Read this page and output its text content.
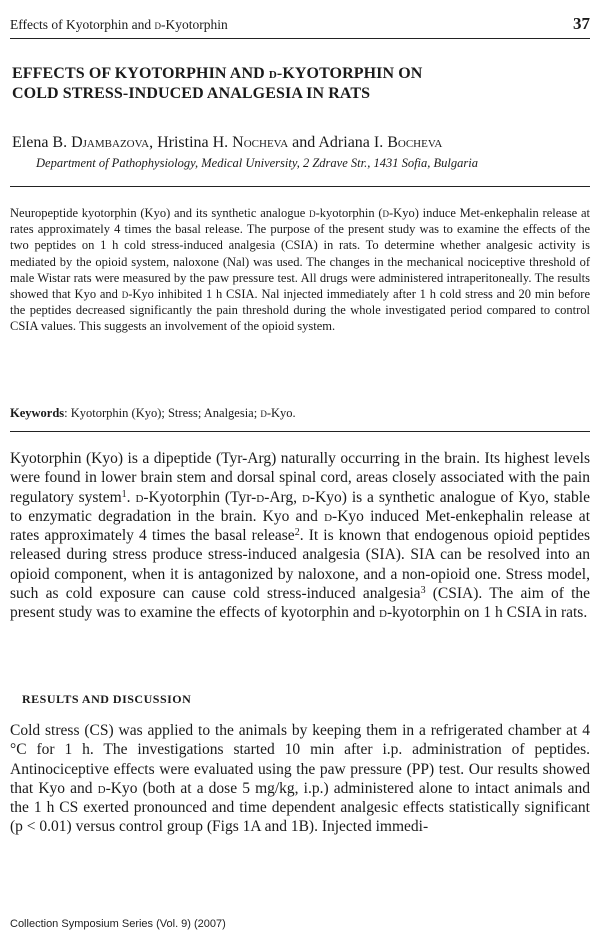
Effects of Kyotorphin and d-Kyotorphin	37
EFFECTS OF KYOTORPHIN AND d-KYOTORPHIN ON
COLD STRESS-INDUCED ANALGESIA IN RATS
Elena B. Djambazova, Hristina H. Nocheva and Adriana I. Bocheva
Department of Pathophysiology, Medical University, 2 Zdrave Str., 1431 Sofia, Bulgaria
Neuropeptide kyotorphin (Kyo) and its synthetic analogue d-kyotorphin (d-Kyo) induce Met-enkephalin release at rates approximately 4 times the basal release. The purpose of the present study was to examine the effects of the two peptides on 1 h cold stress-induced analgesia (CSIA) in rats. To determine whether analgesic activity is mediated by the opioid system, naloxone (Nal) was used. The changes in the mechanical nociceptive threshold of male Wistar rats were measured by the paw pressure test. All drugs were administered intraperitoneally. The results showed that Kyo and d-Kyo inhibited 1 h CSIA. Nal injected immediately after 1 h cold stress and 20 min before the peptides decreased significantly the pain threshold during the whole investigated period compared to control CSIA values. This suggests an involvement of the opioid system.
Keywords: Kyotorphin (Kyo); Stress; Analgesia; d-Kyo.
Kyotorphin (Kyo) is a dipeptide (Tyr-Arg) naturally occurring in the brain. Its highest levels were found in lower brain stem and dorsal spinal cord, areas closely associated with the pain regulatory system$^1$. d-Kyotorphin (Tyr-d-Arg, d-Kyo) is a synthetic analogue of Kyo, stable to enzymatic degradation in the brain. Kyo and d-Kyo induced Met-enkephalin release at rates approximately 4 times the basal release$^2$. It is known that endogenous opioid peptides released during stress produce stress-induced analgesia (SIA). SIA can be resolved into an opioid component, when it is antagonized by naloxone, and a non-opioid one. Stress model, such as cold exposure can cause cold stress-induced analgesia$^3$ (CSIA). The aim of the present study was to examine the effects of kyotorphin and d-kyotorphin on 1 h CSIA in rats.
RESULTS AND DISCUSSION
Cold stress (CS) was applied to the animals by keeping them in a refrigerated chamber at 4 °C for 1 h. The investigations started 10 min after i.p. administration of peptides. Antinociceptive effects were evaluated using the paw pressure (PP) test. Our results showed that Kyo and d-Kyo (both at a dose 5 mg/kg, i.p.) administered alone to intact animals and the 1 h CS exerted pronounced and time dependent analgesic effects statistically significant (p < 0.01) versus control group (Figs 1A and 1B). Injected immedi-
Collection Symposium Series (Vol. 9) (2007)
